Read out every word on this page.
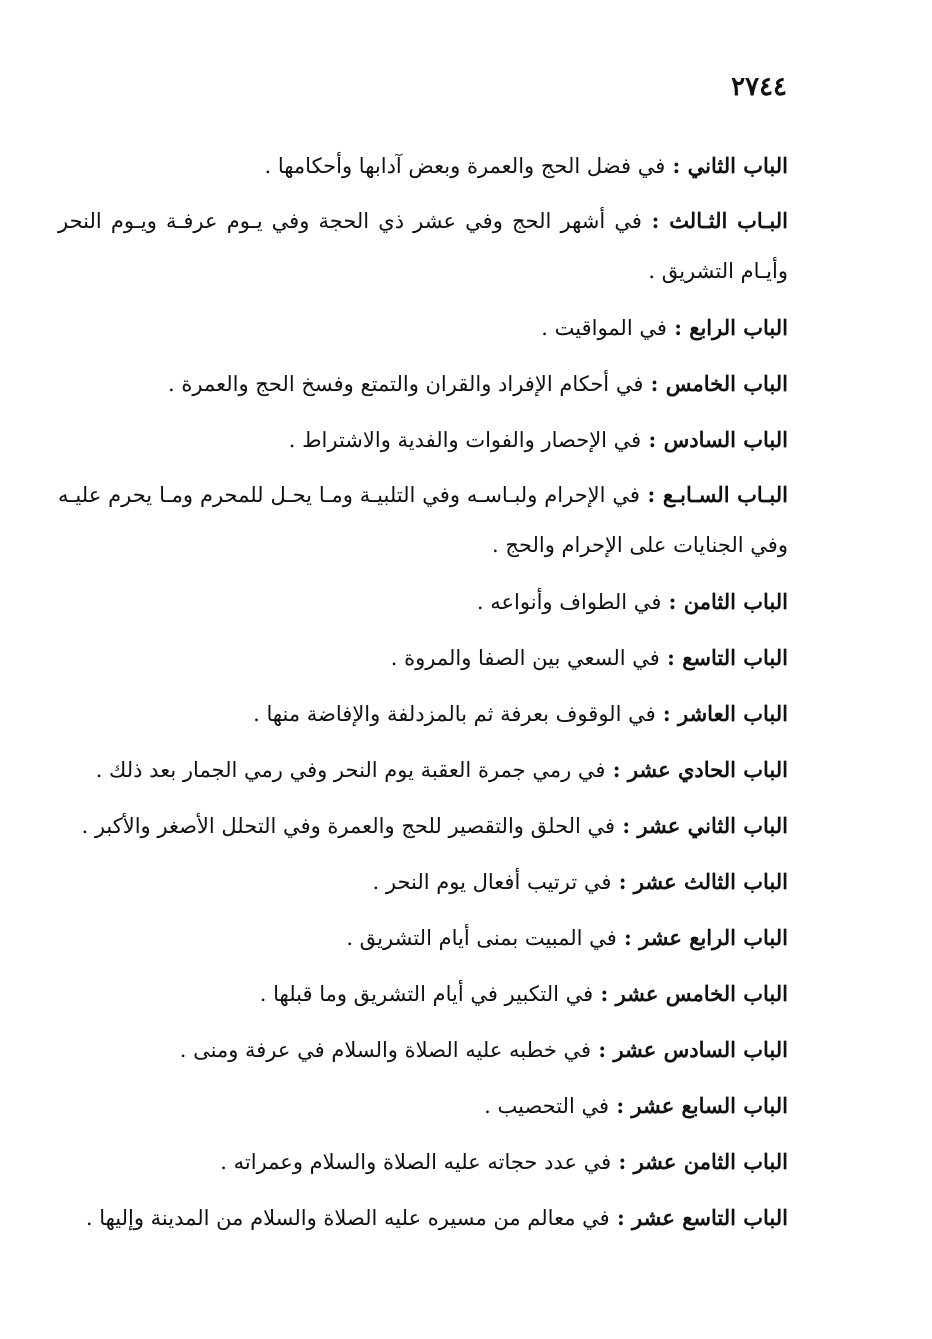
٢٧٤٤

الباب الثاني : في فضل الحج والعمرة وبعض آدابها وأحكامها .

البـاب الثـالث : في أشهر الحج وفي عشر ذي الحجة وفي يـوم عرفـة ويـوم النحر وأيـام التشريق .

الباب الرابع : في المواقيت .

الباب الخامس : في أحكام الإفراد والقران والتمتع وفسخ الحج والعمرة .

الباب السادس : في الإحصار والفوات والفدية والاشتراط .

البـاب السـابـع : في الإحرام ولبـاسـه وفي التلبيـة ومـا يحـل للمحرم ومـا يحرم عليـه وفي الجنايات على الإحرام والحج .

الباب الثامن : في الطواف وأنواعه .

الباب التاسع : في السعي بين الصفا والمروة .

الباب العاشر : في الوقوف بعرفة ثم بالمزدلفة والإفاضة منها .

الباب الحادي عشر : في رمي جمرة العقبة يوم النحر وفي رمي الجمار بعد ذلك .

الباب الثاني عشر : في الحلق والتقصير للحج والعمرة وفي التحلل الأصغر والأكبر .

الباب الثالث عشر : في ترتيب أفعال يوم النحر .

الباب الرابع عشر : في المبيت بمنى أيام التشريق .

الباب الخامس عشر : في التكبير في أيام التشريق وما قبلها .

الباب السادس عشر : في خطبه عليه الصلاة والسلام في عرفة ومنى .

الباب السابع عشر : في التحصيب .

الباب الثامن عشر : في عدد حجاته عليه الصلاة والسلام وعمراته .

الباب التاسع عشر : في معالم من مسيره عليه الصلاة والسلام من المدينة وإليها .
